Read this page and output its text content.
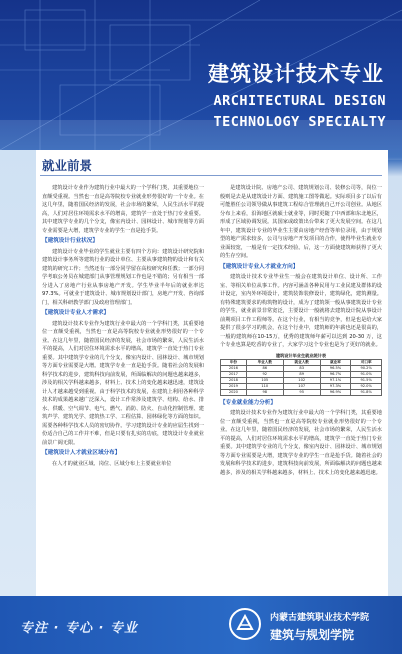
建筑设计技术专业
ARCHITECTURAL DESIGN
TECHNOLOGY SPECIALTY
就业前景

建筑设计专业作为建筑行业中最大的一个学科门类，其重要地位一直颇受重视。当然也一直是高等院校专业就业形势很好的一个专业。在这几年里，随着国民经济的发展，社会市场的繁荣，人民生活水平的提高，人们对居住环境需求水平的增高，建筑学一直处于热门专业重要。其中建筑学专业的几个分支，像室内设计、园林设计、城市规划等方面专业需要是大增，建筑学专业的学生一直是抢手货。

【建筑设计行业状况】

建筑设计专业毕业的学生就业主要有四个方向：建筑设计研究院和建筑设计事务所等建筑行业的设计单位、主要从事建筑物的设计和有关建筑的研究工作；当然还有一部分同学留在高校研究和任教；一部分同学考取公务员在城建部门从事管理规划工作也是不错的；另有相当一部分进入了房地产行业从事房地产开发。学生毕业半年后的就业率达97.3%。可就业于建筑设计、城市规划设计部门，房地产开发、咨询部门，相关科研教学部门及政府管理部门。

【建筑设计专业人才需求】

建筑设计技术专业作为建筑行业中最大的一个学科门类，其重要地位一直颇受重视，当然也一直是高等院校专业就业形势很好的一个专业。在这几年里，随着国民经济的发展，社会市场的繁荣，人民生活水平的提高，人们对居住环境需求水平的增高，建筑学一直处于热门专业重要。其中建筑学专业的几个分支，像室内设计、园林设计、城市规划等方面专业需要是大增。建筑学专业一直是抢手货。随着社会的发展和科学技术的进步，建筑科技向前发展，所面临解决的问题也越来越多，涉及的相关学科越来越多，材料上、技术上的变化越来越迅速，建筑设计人才越来越受到重视。由于科学技术的发展，在建筑上利用各种科学技术的成果越来越广泛深入，设计工作常涉及建筑学、结构、给水、排水、供暖、空气调节、电气、燃气、消防、防火、自动化控制管理、建筑声学、建筑光学、建筑热工学、工程估算、园林绿化等方面的知识。需要各种科学技术人员的密切协作。学习建筑设计专业的应届生找到一份适合自己的工作并不难，但是只要有扎实的功底，建筑设计专业就业前景广阔无限。

【建筑设计人才就业区域分布】

在人才的就业区域、岗位、区域分布上主要就业单位

是建筑设计院、房地产公司、建筑规划公司、装修公司等，岗位一般则是去是从建筑设计方面、建筑施工图等做起。实际项目多了以后有可能胜任公司领导做从事建筑工程综合管理就自己开公司创业。从地区分布上来看，沿海地区就硕士就业等，同时更随了中西部和东北地区，形成了区域协调发展。其国家或政策出台带来了更大发展空间。在这几年中，建筑设计专业的毕业生主要由房地产经营等单位录用，由于规划型的地产需求较多，公司与房地产开发项目的合作，使得毕业生就业专业面较宽，一般是有一定技术经验。后，这一方面使建筑师获得了更大的生存空间。

【建筑设计专业人才就业方向】

建筑设计技术专业毕业生一般会在建筑设计单位、设计所、工作室、等相关单位从事工作。内容可涵盖各种民用与工业民建及群体的设计设定，室内外环境设计，建筑装饰装修设计，建筑绿化，建筑测量。有特殊建筑要求的构筑物的设计，成为了建筑领一般从事建筑设计专业的学生，就业前景非常宽泛，主要设计一般就将去建筑设计院从事设计前期项目工作工程师等。在这个行业，有相当的竞争，但是也是给大家提供了很多学习的机会，在这个行业中，建筑师的年薪也还是很高的，一般的建筑师在10-15万，优秀的建筑师年薪可以达到 20-30 万，这个专业也算是吃香的专业了，大家学习这个专业也是为了更好的就业。

建筑设计毕业生就业统计表
年份	毕业人数	就业人数	就业率	对口率
2016	86	83	96.5%	90.2%
2017	92	89	96.7%	91.0%
2018	105	102	97.1%	91.5%
2019	110	107	97.3%	92.0%
2020	98	95	96.9%	91.8%

【专业就业能力分析】

建筑设计技术专业作为建筑行业中最大的一个学科门类，其重要地位一直颇受重视，当然也一直是高等院校专业就业形势很好的一个专业。在这几年里，随着国民经济的发展，社会市场的繁荣，人民生活水平的提高，人们对居住环境需求水平的增高，建筑学一直处于热门专业重要。其中建筑学专业的几个分支，像室内设计、园林设计、城市规划等方面专业需要是大增，建筑学专业的学生一直是抢手货。随着社会的发展和科学技术的进步，建筑科技向前发展，所面临解决的问题也越来越多，涉及的相关学科越来越多，材料上、技术上的变化越来越迅速。

专注 · 专心 · 专业
内蒙古建筑职业技术学院
建筑与规划学院
